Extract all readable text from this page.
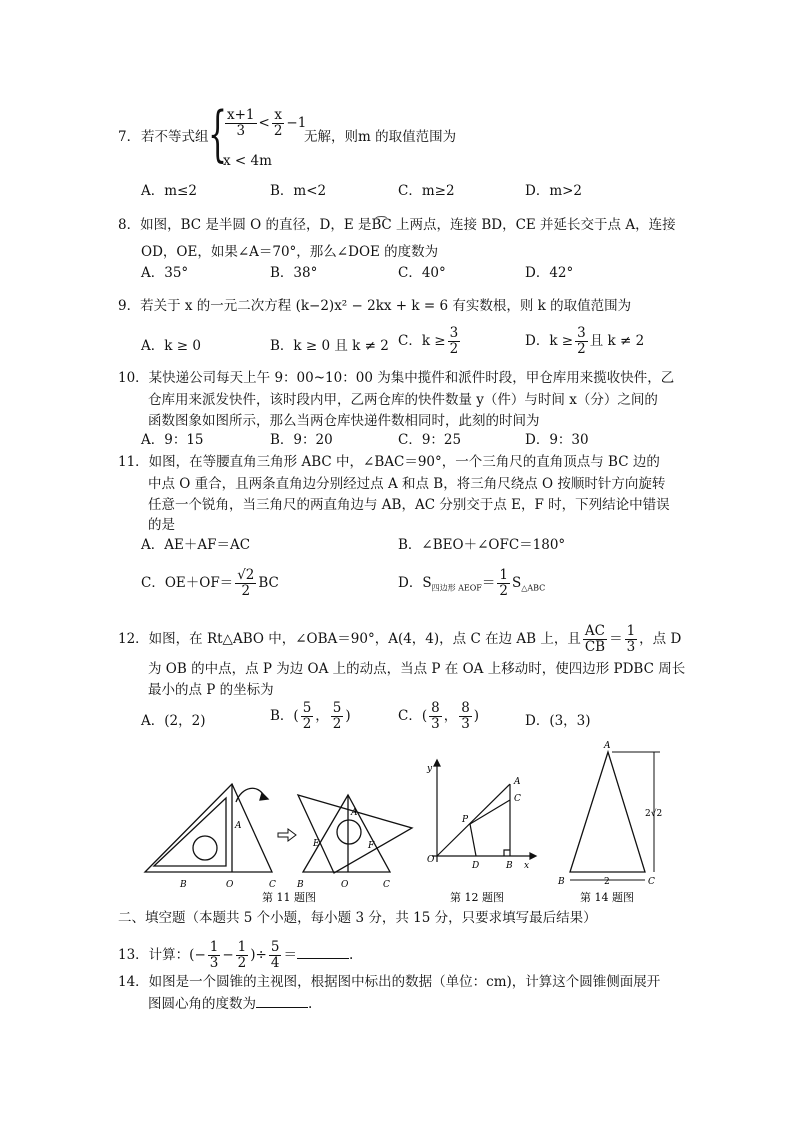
7． 若不等式组 {
$\frac{x+1}{3} < \frac{x}{2} -1$
x < 4m
无解，则m 的取值范围为
A．m≤2	B．m<2	C．m≥2	D．m>2
8．如图，BC 是半圆 O 的直径，D，E 是B͡C 上两点，连接 BD，CE 并延长交于点 A，连接
OD，OE，如果∠A＝70°，那么∠DOE 的度数为
A．35°	B．38°	C．40°	D．42°
9．若关于 x 的一元二次方程 (k−2)x² − 2kx + k = 6 有实数根，则 k 的取值范围为
A．k ≥ 0	B．k ≥ 0 且 k ≠ 2 C．$k \ge \frac{3}{2}$	D．$k \ge \frac{3}{2}$ 且 k ≠ 2
10．某快递公司每天上午 9：00~10：00 为集中揽件和派件时段，甲仓库用来揽收快件，乙
仓库用来派发快件，该时段内甲，乙两仓库的快件数量 y（件）与时间 x（分）之间的
函数图象如图所示，那么当两仓库快递件数相同时，此刻的时间为
A．9：15	B．9：20	C．9：25	D．9：30
11．如图，在等腰直角三角形 ABC 中，∠BAC＝90°，一个三角尺的直角顶点与 BC 边的
中点 O 重合，且两条直角边分别经过点 A 和点 B，将三角尺绕点 O 按顺时针方向旋转
任意一个锐角，当三角尺的两直角边与 AB，AC 分别交于点 E，F 时，下列结论中错误
的是
A．AE＋AF＝AC	B．∠BEO＋∠OFC＝180°
C．$OE+OF= \frac{√2}{2}$ BC	D．$S_{四边形 AEOF}= \frac{1}{2} S_{\triangle ABC}$
12．如图，在 Rt△ABO 中，∠OBA＝90°，A(4，4)，点 C 在边 AB 上，且 $\frac{AC}{CB} = \frac{1}{3}$ ，点 D
为 OB 的中点，点 P 为边 OA 上的动点，当点 P 在 OA 上移动时，使四边形 PDBC 周长
最小的点 P 的坐标为
A．(2，2)	B．( $\frac{5}{2}$ ， $\frac{5}{2}$ )	C．( $\frac{8}{3}$ ， $\frac{8}{3}$ )	D．(3，3)
B	O	C
A
B	O	C
E	F
A
第 11 题图
y
O
D	B x
A
C
P
第 12 题图
A
B	C
2√2
2
第 14 题图
二、填空题（本题共 5 个小题，每小题 3 分，共 15 分，只要求填写最后结果）
13．计算：(− $\frac{1}{3} - \frac{1}{2}$ )÷ $\frac{5}{4}$ ＝	.
14．如图是一个圆锥的主视图，根据图中标出的数据（单位：cm)，计算这个圆锥侧面展开
图圆心角的度数为	.
